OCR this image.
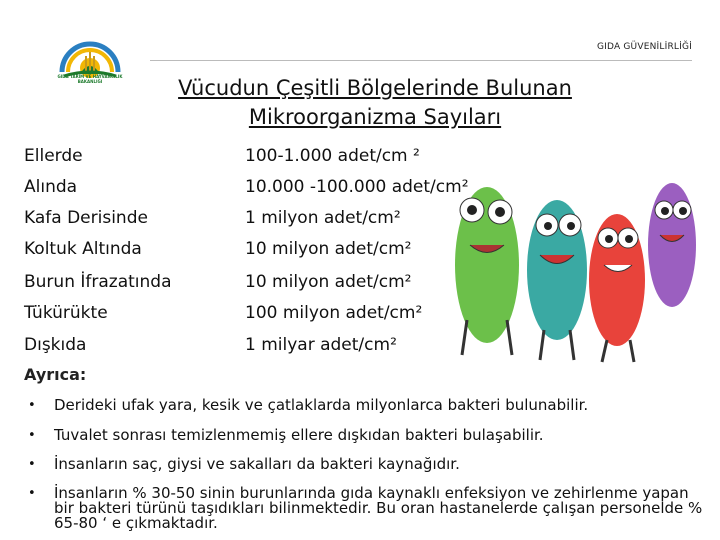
GIDA GÜVENİLİRLİĞİ
GIDA TARIM VE HAYVANCILIK BAKANLIĞI	Vücudun Çeşitli Bölgelerinde Bulunan
Mikroorganizma Sayıları
Ellerde	100-1.000 adet/cm ²
Alında	10.000 -100.000 adet/cm²
Kafa Derisinde	1 milyon adet/cm²
Koltuk Altında	10 milyon adet/cm²
Burun İfrazatında	10 milyon adet/cm²
Tükürükte	100 milyon adet/cm²
Dışkıda	1 milyar adet/cm²
Ayrıca:
• Derideki ufak yara, kesik ve çatlaklarda milyonlarca bakteri bulunabilir.
• Tuvalet sonrası temizlenmemiş ellere dışkıdan bakteri bulaşabilir.
• İnsanların saç, giysi ve sakalları da bakteri kaynağıdır.
• İnsanların % 30-50 sinin burunlarında gıda kaynaklı enfeksiyon ve zehirlenme yapan bir bakteri türünü taşıdıkları bilinmektedir. Bu oran hastanelerde çalışan personelde % 65-80 ‘ e çıkmaktadır.
